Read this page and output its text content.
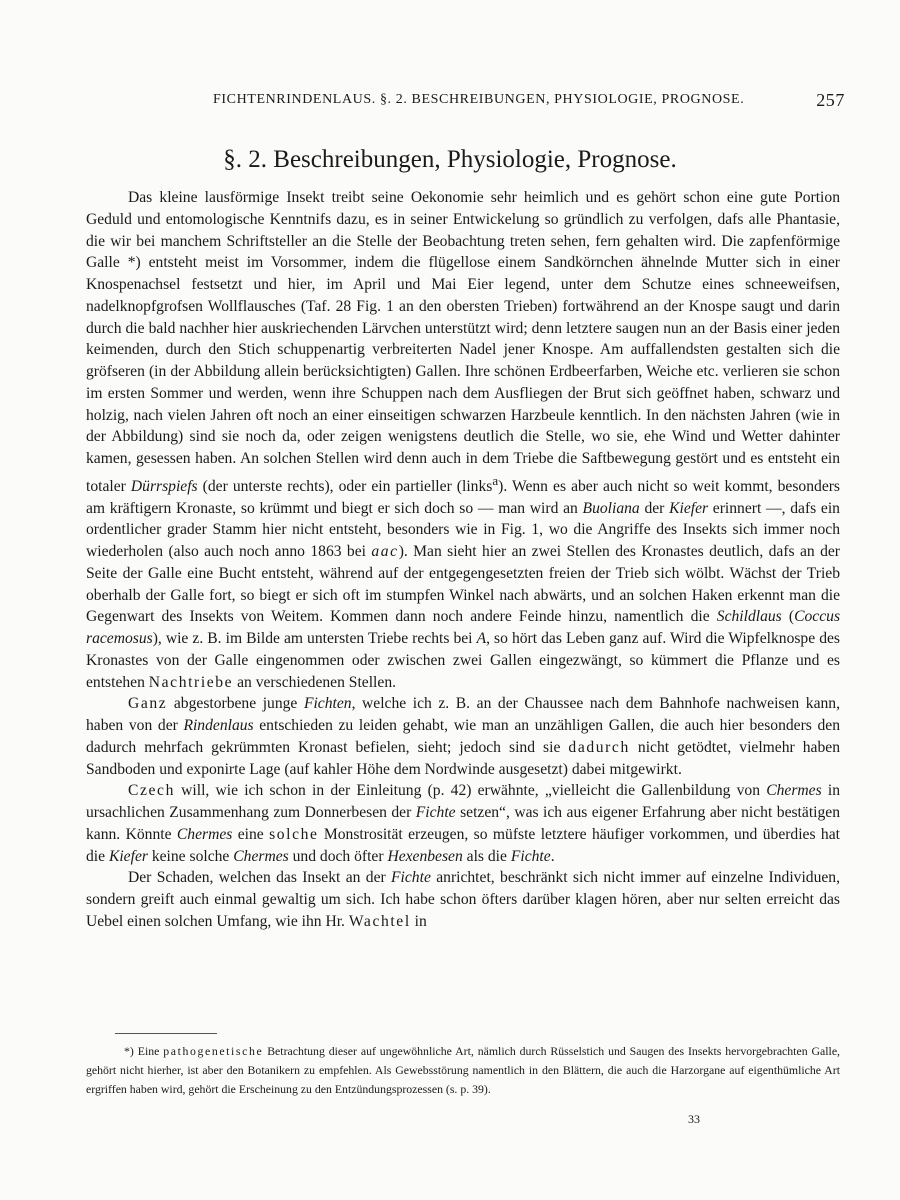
FICHTENRINDENLAUS. §. 2. BESCHREIBUNGEN, PHYSIOLOGIE, PROGNOSE.	257
§. 2. Beschreibungen, Physiologie, Prognose.

Das kleine lausförmige Insekt treibt seine Oekonomie sehr heimlich und es gehört schon eine gute Portion Geduld und entomologische Kenntnifs dazu, es in seiner Entwickelung so gründlich zu verfolgen, dafs alle Phantasie, die wir bei manchem Schriftsteller an die Stelle der Beobachtung treten sehen, fern gehalten wird. Die zapfenförmige Galle *) entsteht meist im Vorsommer, indem die flügellose einem Sandkörnchen ähnelnde Mutter sich in einer Knospenachsel festsetzt und hier, im April und Mai Eier legend, unter dem Schutze eines schneeweifsen, nadelknopfgrofsen Wollflausches (Taf. 28 Fig. 1 an den obersten Trieben) fortwährend an der Knospe saugt und darin durch die bald nachher hier auskriechenden Lärvchen unterstützt wird; denn letztere saugen nun an der Basis einer jeden keimenden, durch den Stich schuppenartig verbreiterten Nadel jener Knospe. Am auffallendsten gestalten sich die gröfseren (in der Abbildung allein berücksichtigten) Gallen. Ihre schönen Erdbeerfarben, Weiche etc. verlieren sie schon im ersten Sommer und werden, wenn ihre Schuppen nach dem Ausfliegen der Brut sich geöffnet haben, schwarz und holzig, nach vielen Jahren oft noch an einer einseitigen schwarzen Harzbeule kenntlich. In den nächsten Jahren (wie in der Abbildung) sind sie noch da, oder zeigen wenigstens deutlich die Stelle, wo sie, ehe Wind und Wetter dahinter kamen, gesessen haben. An solchen Stellen wird denn auch in dem Triebe die Saftbewegung gestört und es entsteht ein totaler Dürrspiefs (der unterste rechts), oder ein partieller (links$^a$). Wenn es aber auch nicht so weit kommt, besonders am kräftigern Kronaste, so krümmt und biegt er sich doch so — man wird an Buoliana der Kiefer erinnert —, dafs ein ordentlicher grader Stamm hier nicht entsteht, besonders wie in Fig. 1, wo die Angriffe des Insekts sich immer noch wiederholen (also auch noch anno 1863 bei aac). Man sieht hier an zwei Stellen des Kronastes deutlich, dafs an der Seite der Galle eine Bucht entsteht, während auf der entgegengesetzten freien der Trieb sich wölbt. Wächst der Trieb oberhalb der Galle fort, so biegt er sich oft im stumpfen Winkel nach abwärts, und an solchen Haken erkennt man die Gegenwart des Insekts von Weitem. Kommen dann noch andere Feinde hinzu, namentlich die Schildlaus (Coccus racemosus), wie z. B. im Bilde am untersten Triebe rechts bei A, so hört das Leben ganz auf. Wird die Wipfelknospe des Kronastes von der Galle eingenommen oder zwischen zwei Gallen eingezwängt, so kümmert die Pflanze und es entstehen Nachtriebe an verschiedenen Stellen.

Ganz abgestorbene junge Fichten, welche ich z. B. an der Chaussee nach dem Bahnhofe nachweisen kann, haben von der Rindenlaus entschieden zu leiden gehabt, wie man an unzähligen Gallen, die auch hier besonders den dadurch mehrfach gekrümmten Kronast befielen, sieht; jedoch sind sie dadurch nicht getödtet, vielmehr haben Sandboden und exponirte Lage (auf kahler Höhe dem Nordwinde ausgesetzt) dabei mitgewirkt.

Czech will, wie ich schon in der Einleitung (p. 42) erwähnte, „vielleicht die Gallenbildung von Chermes in ursachlichen Zusammenhang zum Donnerbesen der Fichte setzen“, was ich aus eigener Erfahrung aber nicht bestätigen kann. Könnte Chermes eine solche Monstrosität erzeugen, so müfste letztere häufiger vorkommen, und überdies hat die Kiefer keine solche Chermes und doch öfter Hexenbesen als die Fichte.

Der Schaden, welchen das Insekt an der Fichte anrichtet, beschränkt sich nicht immer auf einzelne Individuen, sondern greift auch einmal gewaltig um sich. Ich habe schon öfters darüber klagen hören, aber nur selten erreicht das Uebel einen solchen Umfang, wie ihn Hr. Wachtel in

*) Eine pathogenetische Betrachtung dieser auf ungewöhnliche Art, nämlich durch Rüsselstich und Saugen des Insekts hervorgebrachten Galle, gehört nicht hierher, ist aber den Botanikern zu empfehlen. Als Gewebsstörung namentlich in den Blättern, die auch die Harzorgane auf eigenthümliche Art ergriffen haben wird, gehört die Erscheinung zu den Entzündungsprozessen (s. p. 39).

33
